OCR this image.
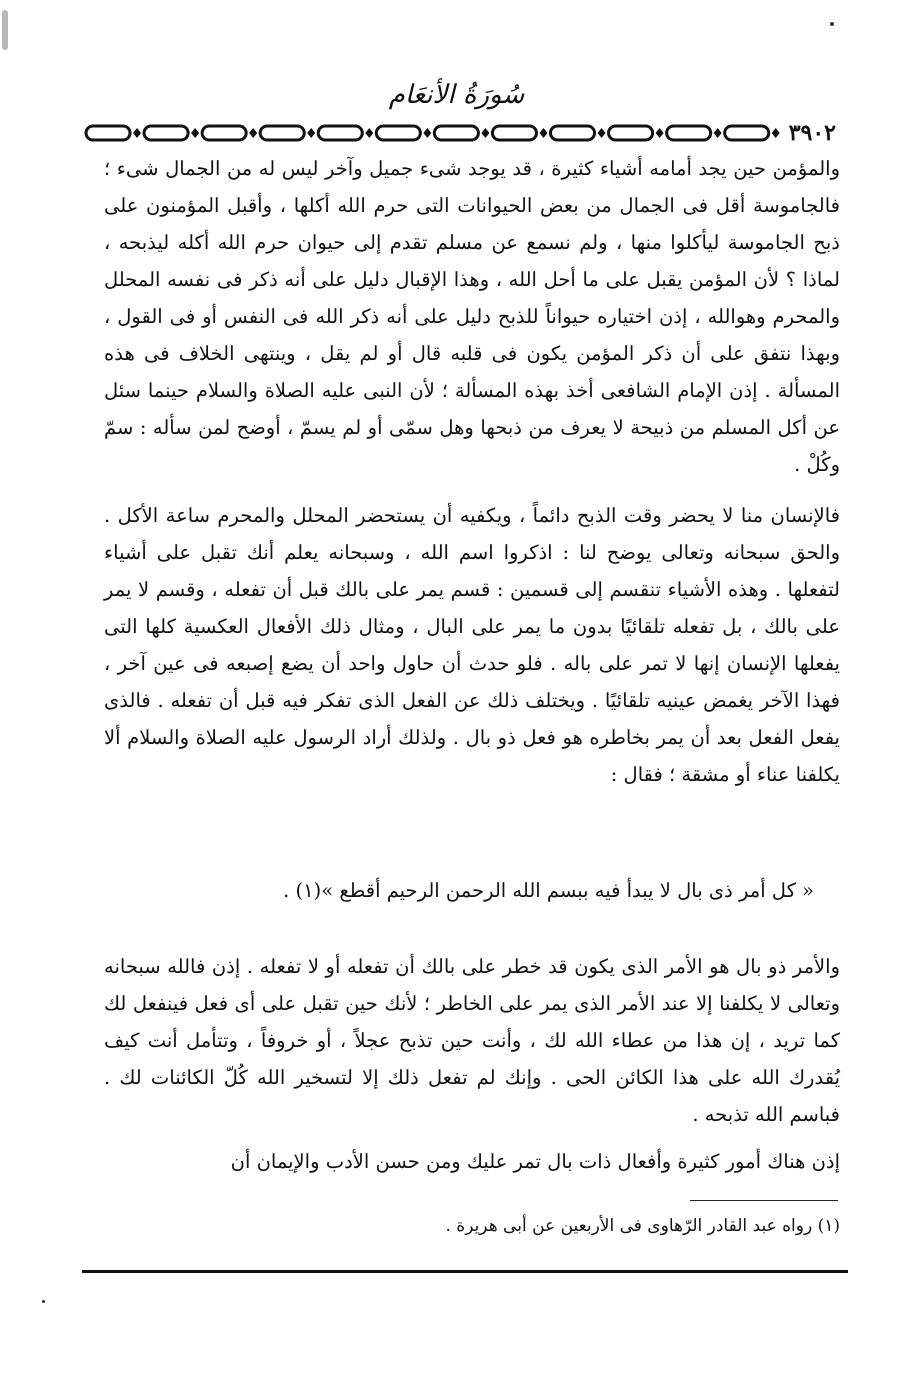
سُورَةُ الأنعَام
٣٩٠٢

والمؤمن حين يجد أمامه أشياء كثيرة ، قد يوجد شىء جميل وآخر ليس له من الجمال شىء ؛ فالجاموسة أقل فى الجمال من بعض الحيوانات التى حرم الله أكلها ، وأقبل المؤمنون على ذبح الجاموسة ليأكلوا منها ، ولم نسمع عن مسلم تقدم إلى حيوان حرم الله أكله ليذبحه ، لماذا ؟ لأن المؤمن يقبل على ما أحل الله ، وهذا الإقبال دليل على أنه ذكر فى نفسه المحلل والمحرم وهوالله ، إذن اختياره حيواناً للذبح دليل على أنه ذكر الله فى النفس أو فى القول ، وبهذا نتفق على أن ذكر المؤمن يكون فى قلبه قال أو لم يقل ، وينتهى الخلاف فى هذه المسألة . إذن الإمام الشافعى أخذ بهذه المسألة ؛ لأن النبى عليه الصلاة والسلام حينما سئل عن أكل المسلم من ذبيحة لا يعرف من ذبحها وهل سمّى أو لم يسمّ ، أوضح لمن سأله : سمّ وكُلْ .

فالإنسان منا لا يحضر وقت الذبح دائماً ، ويكفيه أن يستحضر المحلل والمحرم ساعة الأكل . والحق سبحانه وتعالى يوضح لنا : اذكروا اسم الله ، وسبحانه يعلم أنك تقبل على أشياء لتفعلها . وهذه الأشياء تنقسم إلى قسمين : قسم يمر على بالك قبل أن تفعله ، وقسم لا يمر على بالك ، بل تفعله تلقائيًا بدون ما يمر على البال ، ومثال ذلك الأفعال العكسية كلها التى يفعلها الإنسان إنها لا تمر على باله . فلو حدث أن حاول واحد أن يضع إصبعه فى عين آخر ، فهذا الآخر يغمض عينيه تلقائيًا . ويختلف ذلك عن الفعل الذى تفكر فيه قبل أن تفعله . فالذى يفعل الفعل بعد أن يمر بخاطره هو فعل ذو بال . ولذلك أراد الرسول عليه الصلاة والسلام ألا يكلفنا عناء أو مشقة ؛ فقال :

« كل أمر ذى بال لا يبدأ فيه ببسم الله الرحمن الرحيم أقطع »(١) .

والأمر ذو بال هو الأمر الذى يكون قد خطر على بالك أن تفعله أو لا تفعله . إذن فالله سبحانه وتعالى لا يكلفنا إلا عند الأمر الذى يمر على الخاطر ؛ لأنك حين تقبل على أى فعل فينفعل لك كما تريد ، إن هذا من عطاء الله لك ، وأنت حين تذبح عجلاً ، أو خروفاً ، وتتأمل أنت كيف يُقدرك الله على هذا الكائن الحى . وإنك لم تفعل ذلك إلا لتسخير الله كُلّ الكائنات لك . فباسم الله تذبحه .

إذن هناك أمور كثيرة وأفعال ذات بال تمر عليك ومن حسن الأدب والإيمان أن

(١) رواه عبد القادر الرّهاوى فى الأربعين عن أبى هريرة .
